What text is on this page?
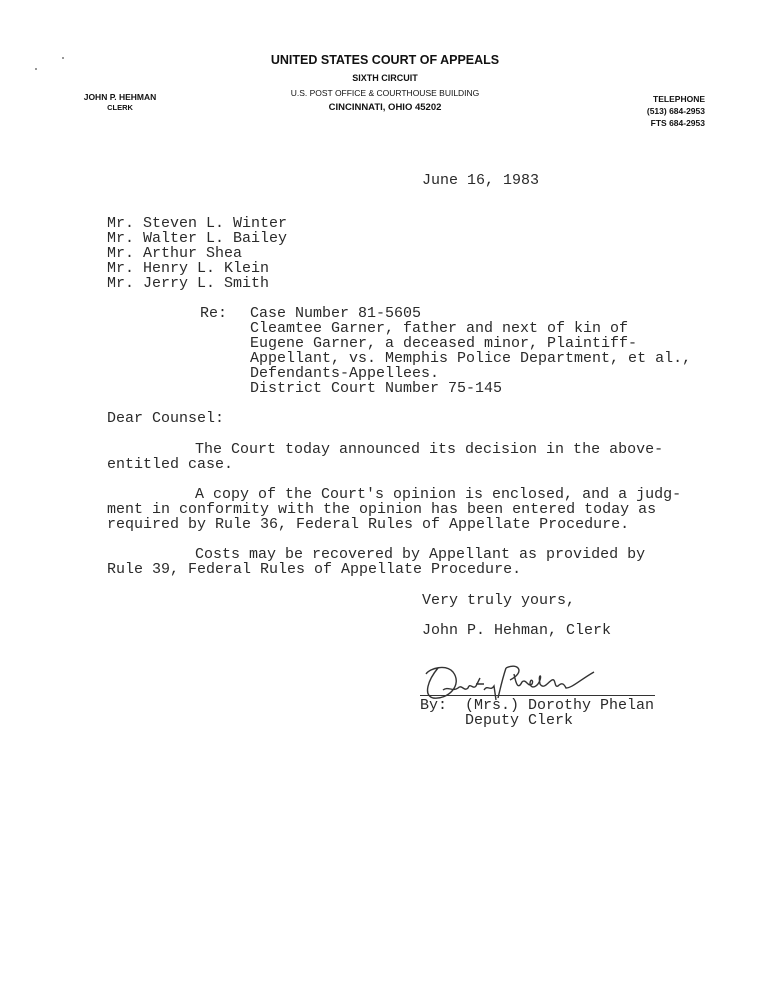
UNITED STATES COURT OF APPEALS
SIXTH CIRCUIT
U.S. POST OFFICE & COURTHOUSE BUILDING
CINCINNATI, OHIO 45202
JOHN P. HEHMAN
CLERK
TELEPHONE
(513) 684-2953
FTS 684-2953
June 16, 1983
Mr. Steven L. Winter
Mr. Walter L. Bailey
Mr. Arthur Shea
Mr. Henry L. Klein
Mr. Jerry L. Smith
Re: Case Number 81-5605
Cleamtee Garner, father and next of kin of
Eugene Garner, a deceased minor, Plaintiff-
Appellant, vs. Memphis Police Department, et al.,
Defendants-Appellees.
District Court Number 75-145
Dear Counsel:
The Court today announced its decision in the above-
entitled case.
A copy of the Court's opinion is enclosed, and a judg-
ment in conformity with the opinion has been entered today as
required by Rule 36, Federal Rules of Appellate Procedure.
Costs may be recovered by Appellant as provided by
Rule 39, Federal Rules of Appellate Procedure.
Very truly yours,
John P. Hehman, Clerk
By: (Mrs.) Dorothy Phelan
Deputy Clerk
